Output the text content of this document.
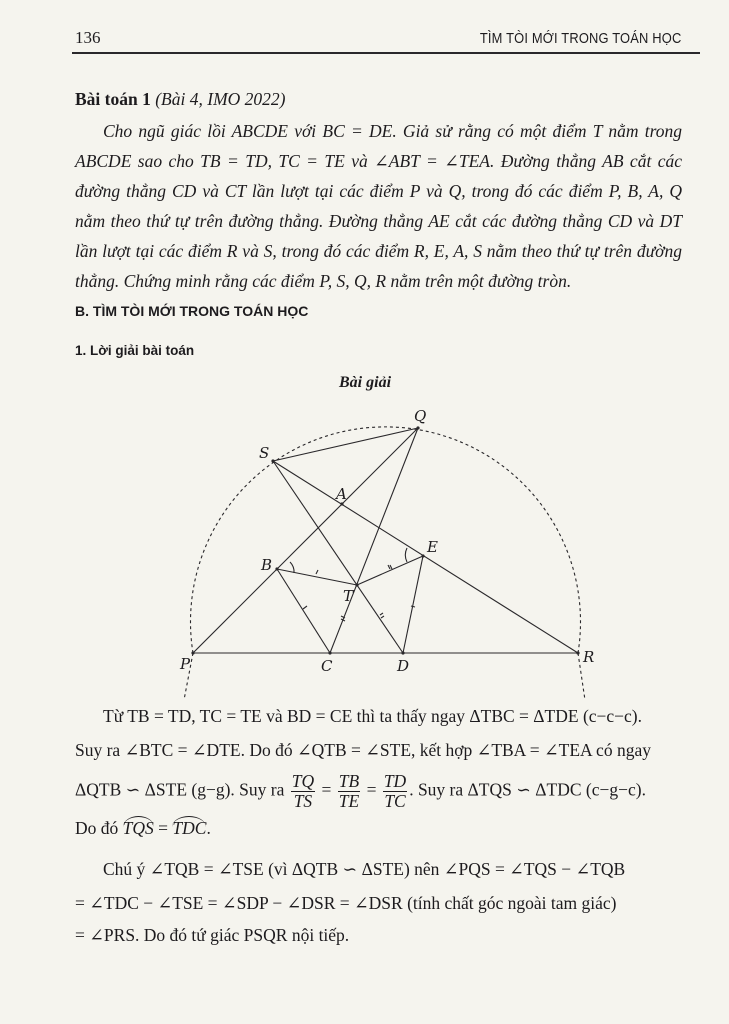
136	TÌM TÒI MỚI TRONG TOÁN HỌC
Bài toán 1 (Bài 4, IMO 2022)
Cho ngũ giác lồi ABCDE với BC = DE. Giả sử rằng có một điểm T nằm trong ABCDE sao cho TB = TD, TC = TE và ∠ABT = ∠TEA. Đường thẳng AB cắt các đường thẳng CD và CT lần lượt tại các điểm P và Q, trong đó các điểm P, B, A, Q nằm theo thứ tự trên đường thẳng. Đường thẳng AE cắt các đường thẳng CD và DT lần lượt tại các điểm R và S, trong đó các điểm R, E, A, S nằm theo thứ tự trên đường thẳng. Chứng minh rằng các điểm P, S, Q, R nằm trên một đường tròn.
B. TÌM TÒI MỚI TRONG TOÁN HỌC
1. Lời giải bài toán
Bài giải
Q
S
A
E
B
T
P	C	D	R
Từ TB = TD, TC = TE và BD = CE thì ta thấy ngay ΔTBC = ΔTDE (c−c−c).
Suy ra ∠BTC = ∠DTE. Do đó ∠QTB = ∠STE, kết hợp ∠TBA = ∠TEA có ngay
ΔQTB ∽ ΔSTE (g−g). Suy ra $\frac{TQ}{TS} = \frac{TB}{TE} = \frac{TD}{TC}$ . Suy ra ΔTQS ∽ ΔTDC (c−g−c).
Do đó TQS = TDC.
Chú ý ∠TQB = ∠TSE (vì ΔQTB ∽ ΔSTE) nên ∠PQS = ∠TQS − ∠TQB
= ∠TDC − ∠TSE = ∠SDP − ∠DSR = ∠DSR (tính chất góc ngoài tam giác)
= ∠PRS. Do đó tứ giác PSQR nội tiếp.
